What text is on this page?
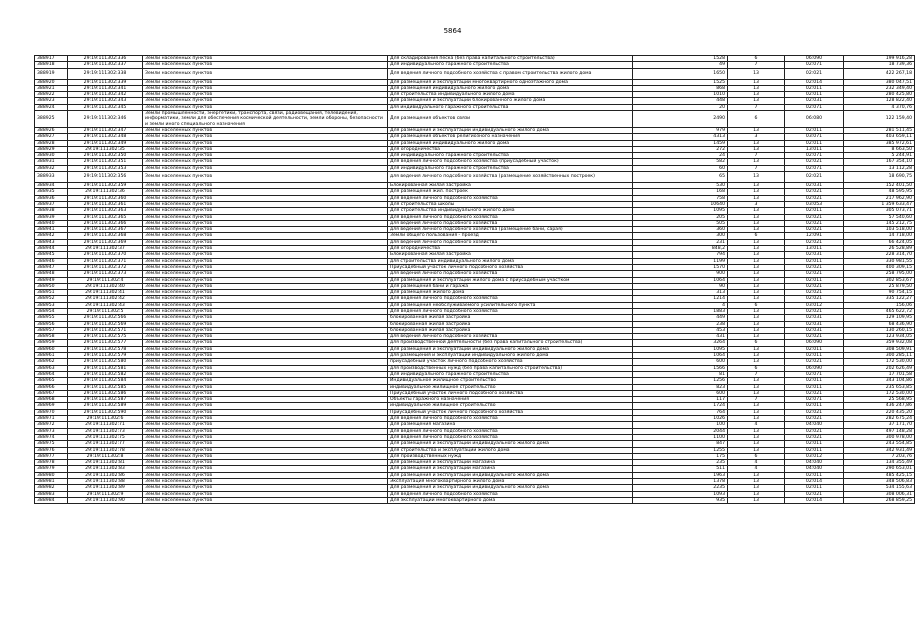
5864
388917	29:19:111302:336	Земли населенных пунктов	Для складирования песка (без права капитального строительства)	1528	6	06:090	199 916,28
388918	29:19:111302:337	Земли населенных пунктов	Для индивидуального гаражного строительства	49	7	02:071	18 739,36
388919	29:19:111302:338	Земли населенных пунктов	Для ведения личного подсобного хозяйства с правом строительства жилого дома	1650	13	02:021	422 267,18
388920	29:19:111302:339	Земли населенных пунктов	Для размещения и эксплуатации многоквартирного одноэтажного дома	1525	13	02:014	380 047,51
388921	29:19:111302:341	Земли населенных пунктов	Для размещения индивидуального жилого дома	868	13	02:011	232 349,40
388922	29:19:111302:342	Земли населенных пунктов	Для строительства индивидуального жилого дома	1010	13	02:011	280 425,80
388923	29:19:111302:343	Земли населенных пунктов	Для размещения и эксплуатации блокированного жилого дома	448	13	02:031	128 822,40
388924	29:19:111302:345	Земли населенных пунктов	для индивидуального гаражного строительства	20	7	02:071	4 370,76
388925	29:19:111302:346	Земли промышленности, энергетики, транспорта, связи, радиовещания, телевидения, информатики, земли для обеспечения космической деятельности, земли обороны, безопасности и земли иного специального назначения	Для размещения объектов связи	2490	6	06:080	122 159,40
388926	29:19:111302:347	Земли населенных пунктов	Для размещения и эксплуатации индивидуального жилого дома	979	13	02:011	281 511,45
388927	29:19:111302:348	Земли населенных пунктов	Для размещения объектов религиозного назначения	4313	3	03:071	403 659,11
388928	29:19:111302:349	Земли населенных пунктов	Для размещения индивидуального жилого дома	1459	13	02:011	385 972,61
388929	29:19:111302:35	Земли населенных пунктов	Для огородничества	272	13	13:011	8 663,50
388930	29:19:111302:350	Земли населенных пунктов	Для индивидуального гаражного строительства	24	7	02:071	5 244,91
388931	29:19:111302:351	Земли населенных пунктов	Для ведения личного подсобного хозяйства (приусадебный участок)	582	13	02:021	167 354,10
388932	29:19:111302:353	Земли населенных пунктов	Для индивидуального гаражного строительства	60	7	02:071	13 112,28
388933	29:19:111302:356	Земли населенных пунктов	для ведения личного подсобного хозяйства (размещение хозяйственных построек)	65	13	02:021	18 690,75
388934	29:19:111302:359	Земли населенных пунктов	Блокированная жилая застройка	530	13	02:031	152 401,50
388935	29:19:111302:36	Земли населенных пунктов	Для размещения жил. построек	168	13	02:021	48 595,95
388936	29:19:111302:360	Земли населенных пунктов	Для ведения личного подсобного хозяйства	758	13	02:021	217 962,90
388937	29:19:111302:361	Земли населенных пунктов	Для строительства школы	10640	3	03:053	1 359 633,47
388938	29:19:111302:363	Земли населенных пунктов	Для строительства индивидуального жилого дома	1095	13	02:011	305 073,71
388939	29:19:111302:365	Земли населенных пунктов	Для ведения личного подсобного хозяйства	205	13	02:021	57 540,60
388940	29:19:111302:366	Земли населенных пунктов	для ведения личного подсобного хозяйства	505	13	02:021	145 212,75
388941	29:19:111302:367	Земли населенных пунктов	для ведения личного подсобного хозяйства (размещение бани, сарая)	360	13	02:021	103 518,00
388942	29:19:111302:368	Земли населенных пунктов	Земли общего пользования - проезд	300	6	12:091	14 718,00
388943	29:19:111302:369	Земли населенных пунктов	для ведения личного подсобного хозяйства	231	13	02:021	66 424,05
388944	29:19:111302:37	Земли населенных пунктов	Для огородничества	848,2	13	13:011	26 528,89
388945	29:19:111302:370	Земли населенных пунктов	Блокированная жилая застройка	794	13	02:031	228 314,70
388946	29:19:111302:371	Земли населенных пунктов	для строительства индивидуального жилого дома	1199	13	02:011	330 981,55
388947	29:19:111302:372	Земли населенных пунктов	Приусадебный участок личного подсобного хозяйства	1570	13	02:021	400 309,15
388948	29:19:111302:373	Земли населенных пунктов	для ведения личного подсобного хозяйства	900	13	02:021	258 795,00
388949	29:19:111302:4	Земли населенных пунктов	Для размещения и эксплуатации жилого дома с приусадебным участком	1064	13	02:011	302 853,67
388950	29:19:111302:40	Земли населенных пунктов	Для размещения бани и гаража	90	13	02:021	25 879,50
388951	29:19:111302:41	Земли населенных пунктов	Для размещения жилого дома	313	13	02:021	90 754,15
388952	29:19:111302:42	Земли населенных пунктов	Для ведения личного подсобного хозяйства	1214	13	02:021	335 122,27
388953	29:19:111302:43	Земли населенных пунктов	Для размещения необслуживаемого усилительного пункта	4	6	03:012	156,06
388954	29:19:111302:5	Земли населенных пунктов	Для ведения личного подсобного хозяйства	1883	13	02:021	465 622,72
388955	29:19:111302:566	Земли населенных пунктов	блокированная жилая застройка	449	13	02:031	129 109,95
388956	29:19:111302:569	Земли населенных пунктов	блокированная жилая застройка	238	13	02:031	68 436,90
388957	29:19:111302:571	Земли населенных пунктов	блокированная жилая застройка	453	13	02:031	130 260,15
388958	29:19:111302:575	Земли населенных пунктов	для ведения личного подсобного хозяйства	431	13	02:021	123 934,05
388959	29:19:111302:577	Земли населенных пунктов	для производственной деятельности (без права капитального строительства)	3264	6	06:090	359 932,08
388960	29:19:111302:578	Земли населенных пунктов	Для размещения и эксплуатации индивидуального жилого дома	1095	13	02:011	308 509,91
388961	29:19:111302:579	Земли населенных пунктов	для размещения и эксплуатации индивидуального жилого дома	1064	13	02:011	300 285,11
388962	29:19:111302:580	Земли населенных пунктов	приусадебный участок личного подсобного хозяйства	600	13	02:021	172 530,00
388963	29:19:111302:581	Земли населенных пунктов	для производственных нужд (без права капитального строительства)	1566	6	06:090	202 626,49
388964	29:19:111302:582	Земли населенных пунктов	Для индивидуального гаражного строительства	81	7	02:071	17 701,58
388965	29:19:111302:584	Земли населенных пунктов	Индивидуальное жилищное строительство	1256	13	02:011	343 104,86
388966	29:19:111302:585	Земли населенных пунктов	индивидуальное жилищное строительство	823	13	02:011	235 653,85
388967	29:19:111302:586	Земли населенных пунктов	Приусадебный участок личного подсобного хозяйства	600	13	02:021	172 530,00
388968	29:19:111302:587	Земли населенных пунктов	Объекты гаражного назначения	117	7	02:071	25 568,95
388969	29:19:111302:589	Земли населенных пунктов	индивидуальное жилищное строительство	1724	13	02:011	436 247,86
388970	29:19:111302:590	Земли населенных пунктов	Приусадебный участок личного подсобного хозяйства	764	13	02:021	220 435,20
388971	29:19:111302:6	Земли населенных пунктов	Для ведения личного подсобного хозяйства	1026	13	02:021	282 675,24
388972	29:19:111302:71	Земли населенных пунктов	Для размещения магазина	100	4	04:040	37 171,70
388973	29:19:111302:73	Земли населенных пунктов	Для ведения личного подсобного хозяйства	2044	13	02:021	497 148,28
388974	29:19:111302:75	Земли населенных пунктов	Для ведения личного подсобного хозяйства	1100	13	02:021	300 978,00
388975	29:19:111302:77	Земли населенных пунктов	Для размещения и эксплуатации индивидуального жилого дома	847	13	02:011	243 554,85
388976	29:19:111302:78	Земли населенных пунктов	Для строительства и эксплуатации жилого дома	1255	13	02:011	342 931,49
388977	29:19:111302:8	Земли населенных пунктов	Для производственных нужд	175	6	03:012	7 203,76
388978	29:19:111302:81	Земли населенных пунктов	Для размещения и эксплуатации магазина	235	4	04:040	134 355,49
388979	29:19:111302:83	Земли населенных пунктов	Для размещения и эксплуатации магазина	511	4	04:040	290 653,01
388980	29:19:111302:86	Земли населенных пунктов	Для размещения и эксплуатации индивидуального жилого дома	1963	13	02:011	485 425,15
388981	29:19:111302:88	Земли населенных пунктов	Эксплуатация многоквартирного жилого дома	1378	13	02:014	348 506,83
388982	29:19:111302:89	Земли населенных пунктов	Для размещения и эксплуатации индивидуального жилого дома	2235	13	02:011	534 155,63
388983	29:19:111302:9	Земли населенных пунктов	Для ведения личного подсобного хозяйства	1093	13	02:021	308 006,31
388984	29:19:111302:90	Земли населенных пунктов	Для эксплуатации многоквартирного дома	935	13	02:014	268 859,25
